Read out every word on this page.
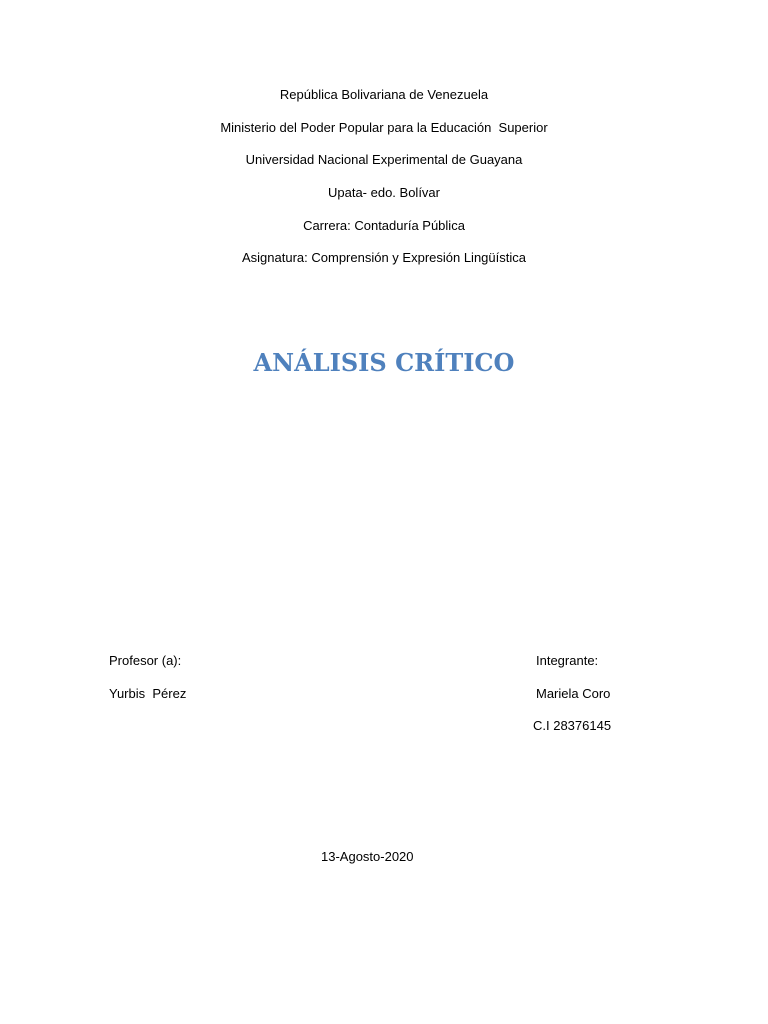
República Bolivariana de Venezuela
Ministerio del Poder Popular para la Educación  Superior
Universidad Nacional Experimental de Guayana
Upata- edo. Bolívar
Carrera: Contaduría Pública
Asignatura: Comprensión y Expresión Lingüística
ANÁLISIS CRÍTICO
Profesor (a):
Yurbis  Pérez
Integrante:
Mariela Coro
C.I 28376145
13-Agosto-2020
